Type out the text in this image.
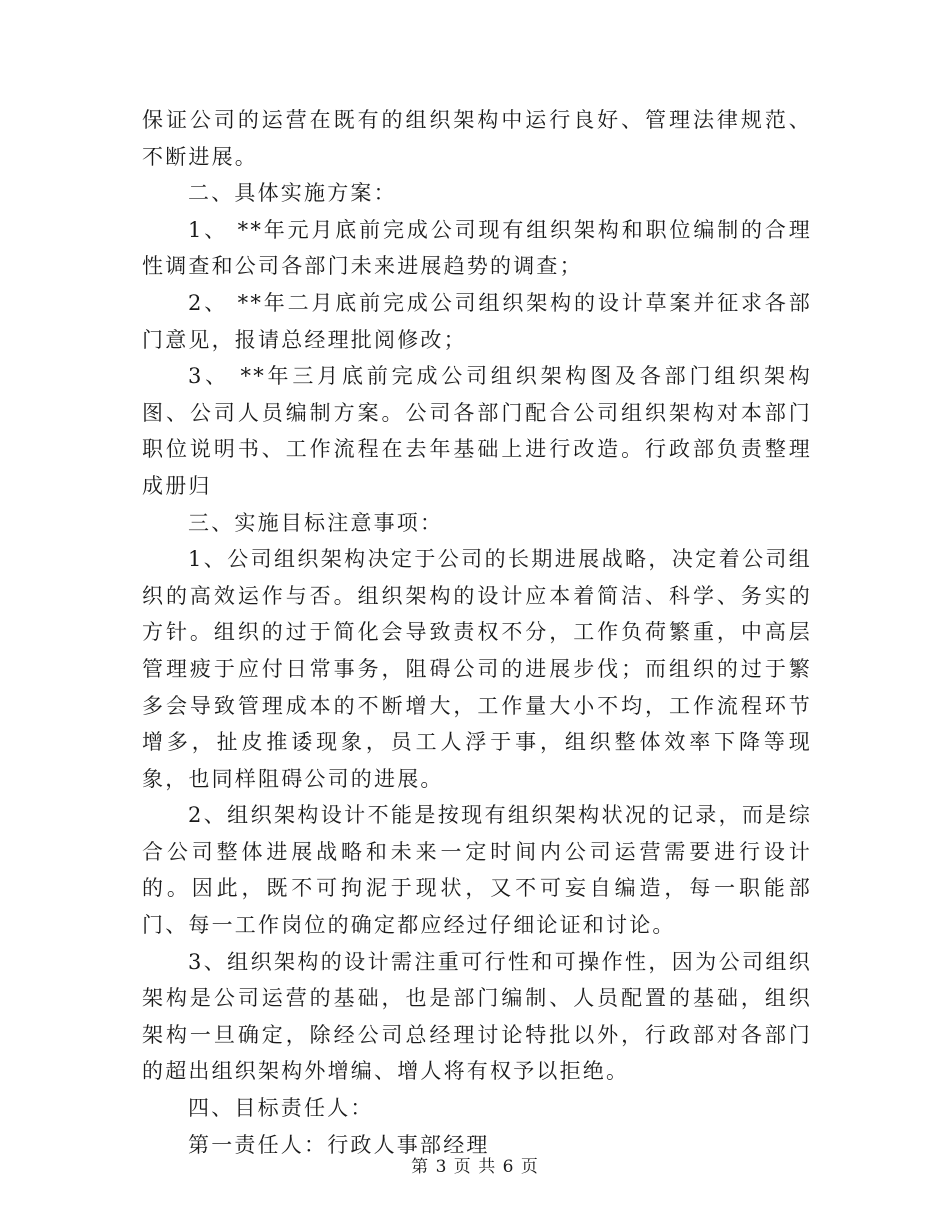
保证公司的运营在既有的组织架构中运行良好、管理法律规范、不断进展。

二、具体实施方案：

1、 **年元月底前完成公司现有组织架构和职位编制的合理性调查和公司各部门未来进展趋势的调查；

2、 **年二月底前完成公司组织架构的设计草案并征求各部门意见，报请总经理批阅修改；

3、 **年三月底前完成公司组织架构图及各部门组织架构图、公司人员编制方案。公司各部门配合公司组织架构对本部门职位说明书、工作流程在去年基础上进行改造。行政部负责整理成册归

三、实施目标注意事项：

1、公司组织架构决定于公司的长期进展战略，决定着公司组织的高效运作与否。组织架构的设计应本着简洁、科学、务实的方针。组织的过于简化会导致责权不分，工作负荷繁重，中高层管理疲于应付日常事务，阻碍公司的进展步伐；而组织的过于繁多会导致管理成本的不断增大，工作量大小不均，工作流程环节增多，扯皮推诿现象，员工人浮于事，组织整体效率下降等现象，也同样阻碍公司的进展。

2、组织架构设计不能是按现有组织架构状况的记录，而是综合公司整体进展战略和未来一定时间内公司运营需要进行设计的。因此，既不可拘泥于现状，又不可妄自编造，每一职能部门、每一工作岗位的确定都应经过仔细论证和讨论。

3、组织架构的设计需注重可行性和可操作性，因为公司组织架构是公司运营的基础，也是部门编制、人员配置的基础，组织架构一旦确定，除经公司总经理讨论特批以外，行政部对各部门的超出组织架构外增编、增人将有权予以拒绝。

四、目标责任人：

第一责任人：行政人事部经理

第 3 页 共 6 页
